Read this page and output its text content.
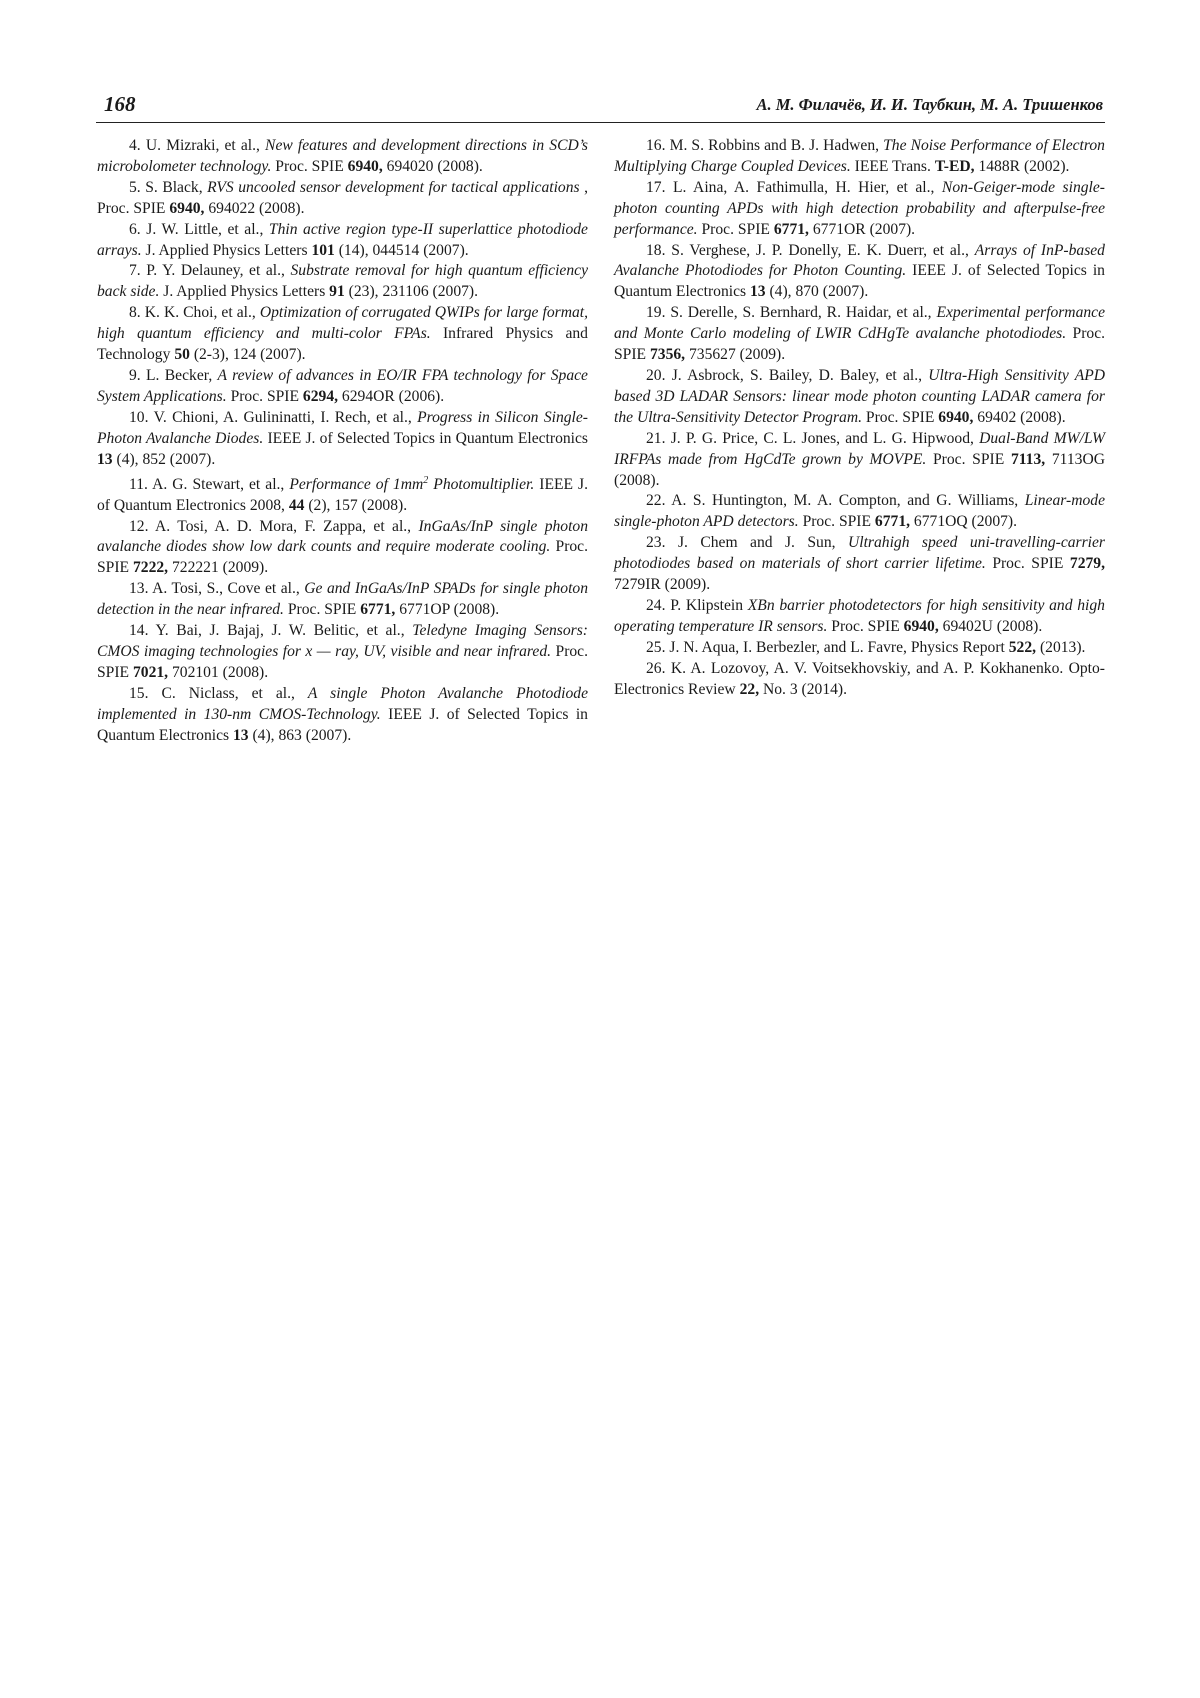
168	А. М. Филачёв, И. И. Таубкин, М. А. Тришенков

4. U. Mizraki, et al., New features and development directions in SCD’s microbolometer technology. Proc. SPIE 6940, 694020 (2008).

5. S. Black, RVS uncooled sensor development for tactical applications , Proc. SPIE 6940, 694022 (2008).

6. J. W. Little, et al., Thin active region type-II superlattice photodiode arrays. J. Applied Physics Letters 101 (14), 044514 (2007).

7. P. Y. Delauney, et al., Substrate removal for high quantum efficiency back side. J. Applied Physics Letters 91 (23), 231106 (2007).

8. K. K. Choi, et al., Optimization of corrugated QWIPs for large format, high quantum efficiency and multi-color FPAs. Infrared Physics and Technology 50 (2-3), 124 (2007).

9. L. Becker, A review of advances in EO/IR FPA technology for Space System Applications. Proc. SPIE 6294, 6294OR (2006).

10. V. Chioni, A. Gulininatti, I. Rech, et al., Progress in Silicon Single-Photon Avalanche Diodes. IEEE J. of Selected Topics in Quantum Electronics 13 (4), 852 (2007).

11. A. G. Stewart, et al., Performance of $1mm^2$ Photomultiplier. IEEE J. of Quantum Electronics 2008, 44 (2), 157 (2008).

12. A. Tosi, A. D. Mora, F. Zappa, et al., InGaAs/InP single photon avalanche diodes show low dark counts and require moderate cooling. Proc. SPIE 7222, 722221 (2009).

13. A. Tosi, S., Cove et al., Ge and InGaAs/InP SPADs for single photon detection in the near infrared. Proc. SPIE 6771, 6771OP (2008).

14. Y. Bai, J. Bajaj, J. W. Belitic, et al., Teledyne Imaging Sensors: CMOS imaging technologies for x — ray, UV, visible and near infrared. Proc. SPIE 7021, 702101 (2008).

15. C. Niclass, et al., A single Photon Avalanche Photodiode implemented in 130-nm CMOS-Technology. IEEE J. of Selected Topics in Quantum Electronics 13 (4), 863 (2007).

16. M. S. Robbins and B. J. Hadwen, The Noise Performance of Electron Multiplying Charge Coupled Devices. IEEE Trans. T-ED, 1488R (2002).

17. L. Aina, A. Fathimulla, H. Hier, et al., Non-Geiger-mode single-photon counting APDs with high detection probability and afterpulse-free performance. Proc. SPIE 6771, 6771OR (2007).

18. S. Verghese, J. P. Donelly, E. K. Duerr, et al., Arrays of InP-based Avalanche Photodiodes for Photon Counting. IEEE J. of Selected Topics in Quantum Electronics 13 (4), 870 (2007).

19. S. Derelle, S. Bernhard, R. Haidar, et al., Experimental performance and Monte Carlo modeling of LWIR CdHgTe avalanche photodiodes. Proc. SPIE 7356, 735627 (2009).

20. J. Asbrock, S. Bailey, D. Baley, et al., Ultra-High Sensitivity APD based 3D LADAR Sensors: linear mode photon counting LADAR camera for the Ultra-Sensitivity Detector Program. Proc. SPIE 6940, 69402 (2008).

21. J. P. G. Price, C. L. Jones, and L. G. Hipwood, Dual-Band MW/LW IRFPAs made from HgCdTe grown by MOVPE. Proc. SPIE 7113, 7113OG (2008).

22. A. S. Huntington, M. A. Compton, and G. Williams, Linear-mode single-photon APD detectors. Proc. SPIE 6771, 6771OQ (2007).

23. J. Chem and J. Sun, Ultrahigh speed uni-travelling-carrier photodiodes based on materials of short carrier lifetime. Proc. SPIE 7279, 7279IR (2009).

24. P. Klipstein XBn barrier photodetectors for high sensitivity and high operating temperature IR sensors. Proc. SPIE 6940, 69402U (2008).

25. J. N. Aqua, I. Berbezler, and L. Favre, Physics Report 522, (2013).

26. K. A. Lozovoy, A. V. Voitsekhovskiy, and A. P. Kokhanenko. Opto-Electronics Review 22, No. 3 (2014).
